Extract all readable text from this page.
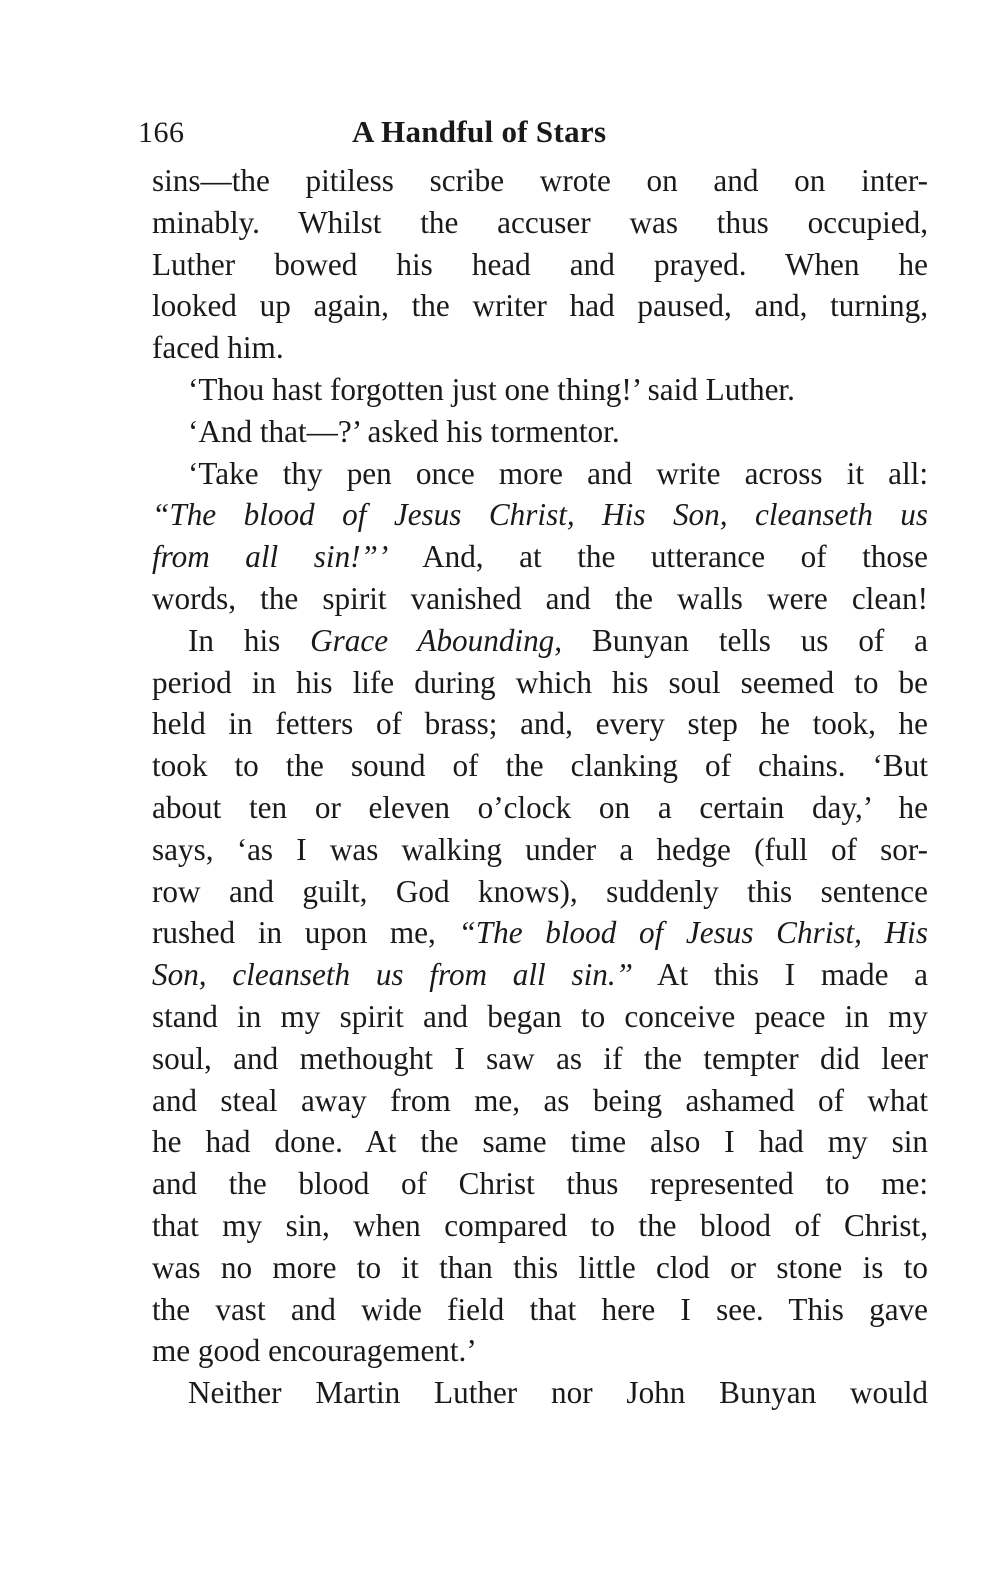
166	A Handful of Stars
sins—the pitiless scribe wrote on and on inter-
minably. Whilst the accuser was thus occupied,
Luther bowed his head and prayed. When he
looked up again, the writer had paused, and, turning,
faced him.
‘Thou hast forgotten just one thing!’ said Luther.
‘And that—?’ asked his tormentor.
‘Take thy pen once more and write across it all:
“The blood of Jesus Christ, His Son, cleanseth us
from all sin!”’ And, at the utterance of those
words, the spirit vanished and the walls were clean!
In his Grace Abounding, Bunyan tells us of a
period in his life during which his soul seemed to be
held in fetters of brass; and, every step he took, he
took to the sound of the clanking of chains. ‘But
about ten or eleven o’clock on a certain day,’ he
says, ‘as I was walking under a hedge (full of sor-
row and guilt, God knows), suddenly this sentence
rushed in upon me, “The blood of Jesus Christ, His
Son, cleanseth us from all sin.” At this I made a
stand in my spirit and began to conceive peace in my
soul, and methought I saw as if the tempter did leer
and steal away from me, as being ashamed of what
he had done. At the same time also I had my sin
and the blood of Christ thus represented to me:
that my sin, when compared to the blood of Christ,
was no more to it than this little clod or stone is to
the vast and wide field that here I see. This gave
me good encouragement.’
Neither Martin Luther nor John Bunyan would
